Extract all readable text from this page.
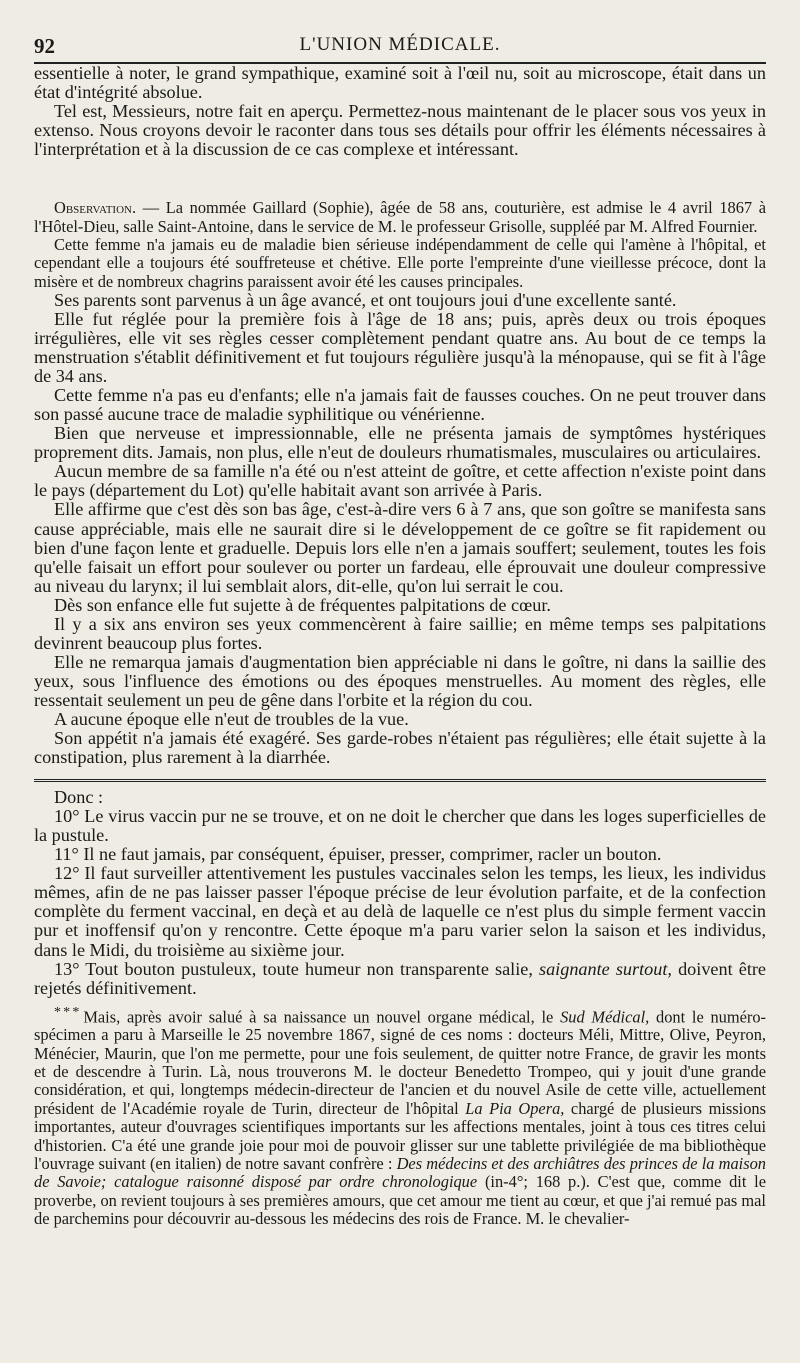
92	L'UNION MÉDICALE.

essentielle à noter, le grand sympathique, examiné soit à l'œil nu, soit au microscope, était dans un état d'intégrité absolue.

Tel est, Messieurs, notre fait en aperçu. Permettez-nous maintenant de le placer sous vos yeux in extenso. Nous croyons devoir le raconter dans tous ses détails pour offrir les éléments nécessaires à l'interprétation et à la discussion de ce cas complexe et intéressant.

Observation. — La nommée Gaillard (Sophie), âgée de 58 ans, couturière, est admise le 4 avril 1867 à l'Hôtel-Dieu, salle Saint-Antoine, dans le service de M. le professeur Grisolle, suppléé par M. Alfred Fournier.

Cette femme n'a jamais eu de maladie bien sérieuse indépendamment de celle qui l'amène à l'hôpital, et cependant elle a toujours été souffreteuse et chétive. Elle porte l'empreinte d'une vieillesse précoce, dont la misère et de nombreux chagrins paraissent avoir été les causes principales.

Ses parents sont parvenus à un âge avancé, et ont toujours joui d'une excellente santé.

Elle fut réglée pour la première fois à l'âge de 18 ans; puis, après deux ou trois époques irrégulières, elle vit ses règles cesser complètement pendant quatre ans. Au bout de ce temps la menstruation s'établit définitivement et fut toujours régulière jusqu'à la ménopause, qui se fit à l'âge de 34 ans.

Cette femme n'a pas eu d'enfants; elle n'a jamais fait de fausses couches. On ne peut trouver dans son passé aucune trace de maladie syphilitique ou vénérienne.

Bien que nerveuse et impressionnable, elle ne présenta jamais de symptômes hystériques proprement dits. Jamais, non plus, elle n'eut de douleurs rhumatismales, musculaires ou articulaires.

Aucun membre de sa famille n'a été ou n'est atteint de goître, et cette affection n'existe point dans le pays (département du Lot) qu'elle habitait avant son arrivée à Paris.

Elle affirme que c'est dès son bas âge, c'est-à-dire vers 6 à 7 ans, que son goître se manifesta sans cause appréciable, mais elle ne saurait dire si le développement de ce goître se fit rapidement ou bien d'une façon lente et graduelle. Depuis lors elle n'en a jamais souffert; seulement, toutes les fois qu'elle faisait un effort pour soulever ou porter un fardeau, elle éprouvait une douleur compressive au niveau du larynx; il lui semblait alors, dit-elle, qu'on lui serrait le cou.

Dès son enfance elle fut sujette à de fréquentes palpitations de cœur.

Il y a six ans environ ses yeux commencèrent à faire saillie; en même temps ses palpitations devinrent beaucoup plus fortes.

Elle ne remarqua jamais d'augmentation bien appréciable ni dans le goître, ni dans la saillie des yeux, sous l'influence des émotions ou des époques menstruelles. Au moment des règles, elle ressentait seulement un peu de gêne dans l'orbite et la région du cou.

A aucune époque elle n'eut de troubles de la vue.

Son appétit n'a jamais été exagéré. Ses garde-robes n'étaient pas régulières; elle était sujette à la constipation, plus rarement à la diarrhée.

Donc :

10° Le virus vaccin pur ne se trouve, et on ne doit le chercher que dans les loges superficielles de la pustule.

11° Il ne faut jamais, par conséquent, épuiser, presser, comprimer, racler un bouton.

12° Il faut surveiller attentivement les pustules vaccinales selon les temps, les lieux, les individus mêmes, afin de ne pas laisser passer l'époque précise de leur évolution parfaite, et de la confection complète du ferment vaccinal, en deçà et au delà de laquelle ce n'est plus du simple ferment vaccin pur et inoffensif qu'on y rencontre. Cette époque m'a paru varier selon la saison et les individus, dans le Midi, du troisième au sixième jour.

13° Tout bouton pustuleux, toute humeur non transparente salie, saignante surtout, doivent être rejetés définitivement.

* * * Mais, après avoir salué à sa naissance un nouvel organe médical, le Sud Médical, dont le numéro-spécimen a paru à Marseille le 25 novembre 1867, signé de ces noms : docteurs Méli, Mittre, Olive, Peyron, Ménécier, Maurin, que l'on me permette, pour une fois seulement, de quitter notre France, de gravir les monts et de descendre à Turin. Là, nous trouverons M. le docteur Benedetto Trompeo, qui y jouit d'une grande considération, et qui, longtemps médecin-directeur de l'ancien et du nouvel Asile de cette ville, actuellement président de l'Académie royale de Turin, directeur de l'hôpital La Pia Opera, chargé de plusieurs missions importantes, auteur d'ouvrages scientifiques importants sur les affections mentales, joint à tous ces titres celui d'historien. C'a été une grande joie pour moi de pouvoir glisser sur une tablette privilégiée de ma bibliothèque l'ouvrage suivant (en italien) de notre savant confrère : Des médecins et des archiâtres des princes de la maison de Savoie; catalogue raisonné disposé par ordre chronologique (in-4°; 168 p.). C'est que, comme dit le proverbe, on revient toujours à ses premières amours, que cet amour me tient au cœur, et que j'ai remué pas mal de parchemins pour découvrir au-dessous les médecins des rois de France. M. le chevalier-
